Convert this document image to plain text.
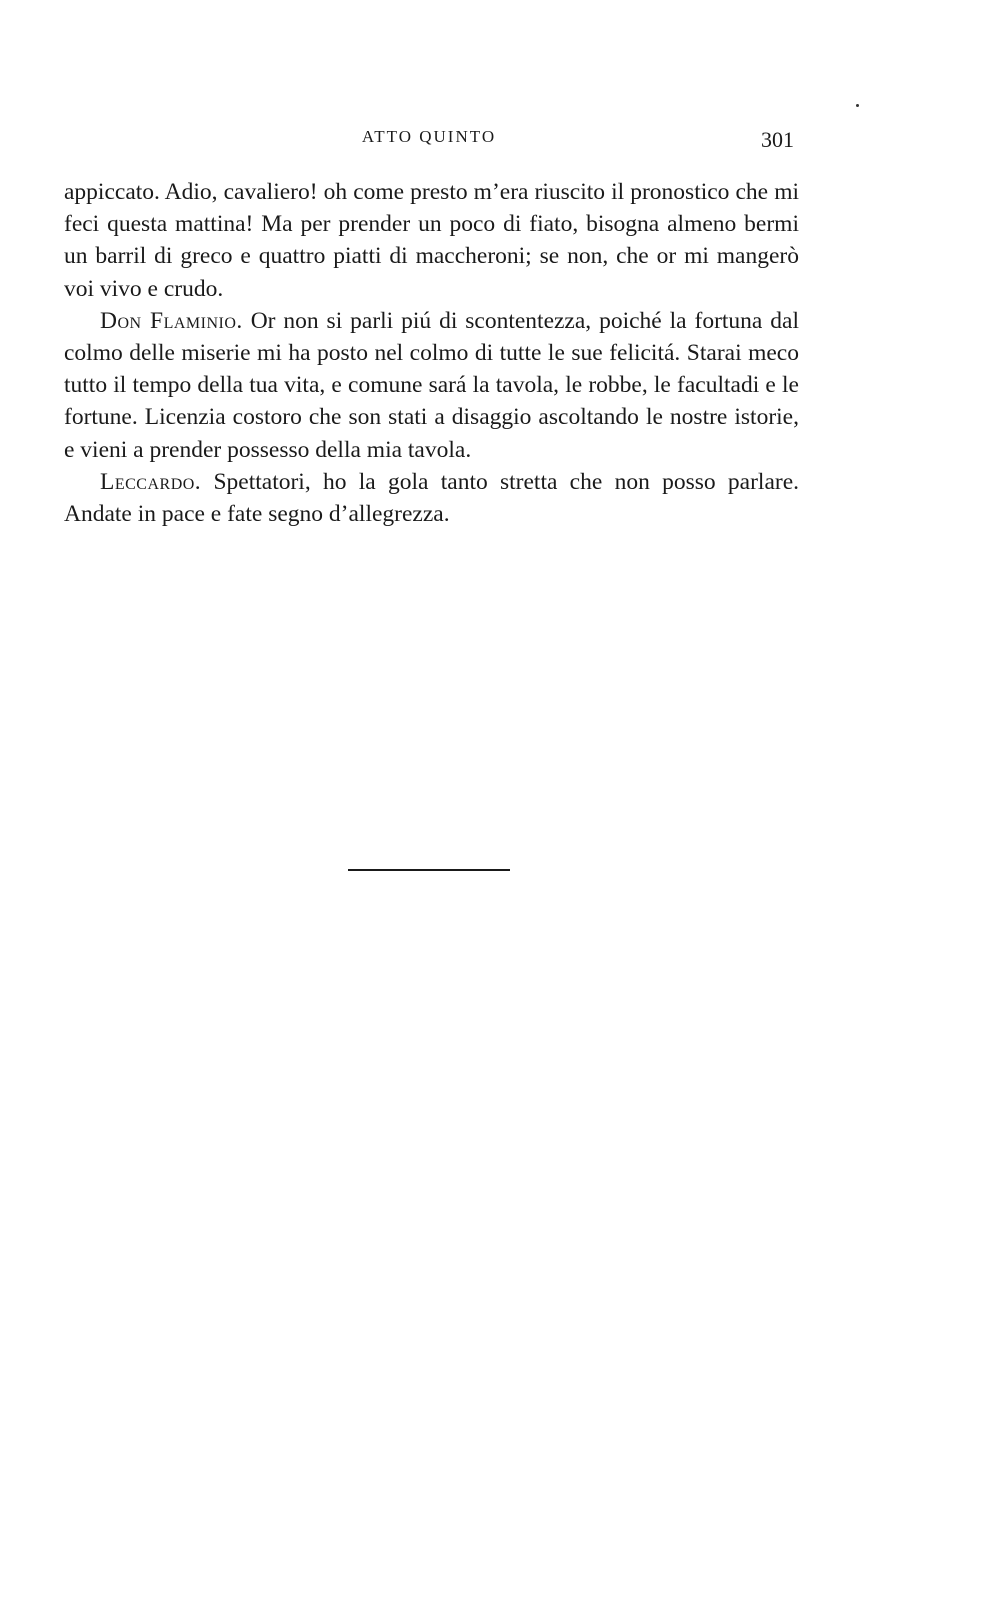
ATTO QUINTO	301

appiccato. Adio, cavaliero! oh come presto m’era riuscito il pronostico che mi feci questa mattina! Ma per prender un poco di fiato, bisogna almeno bermi un barril di greco e quattro piatti di maccheroni; se non, che or mi mangerò voi vivo e crudo.

Don Flaminio. Or non si parli piú di scontentezza, poiché la fortuna dal colmo delle miserie mi ha posto nel colmo di tutte le sue felicitá. Starai meco tutto il tempo della tua vita, e comune sará la tavola, le robbe, le facultadi e le fortune. Licenzia costoro che son stati a disaggio ascoltando le nostre istorie, e vieni a prender possesso della mia tavola.

Leccardo. Spettatori, ho la gola tanto stretta che non posso parlare. Andate in pace e fate segno d’allegrezza.
